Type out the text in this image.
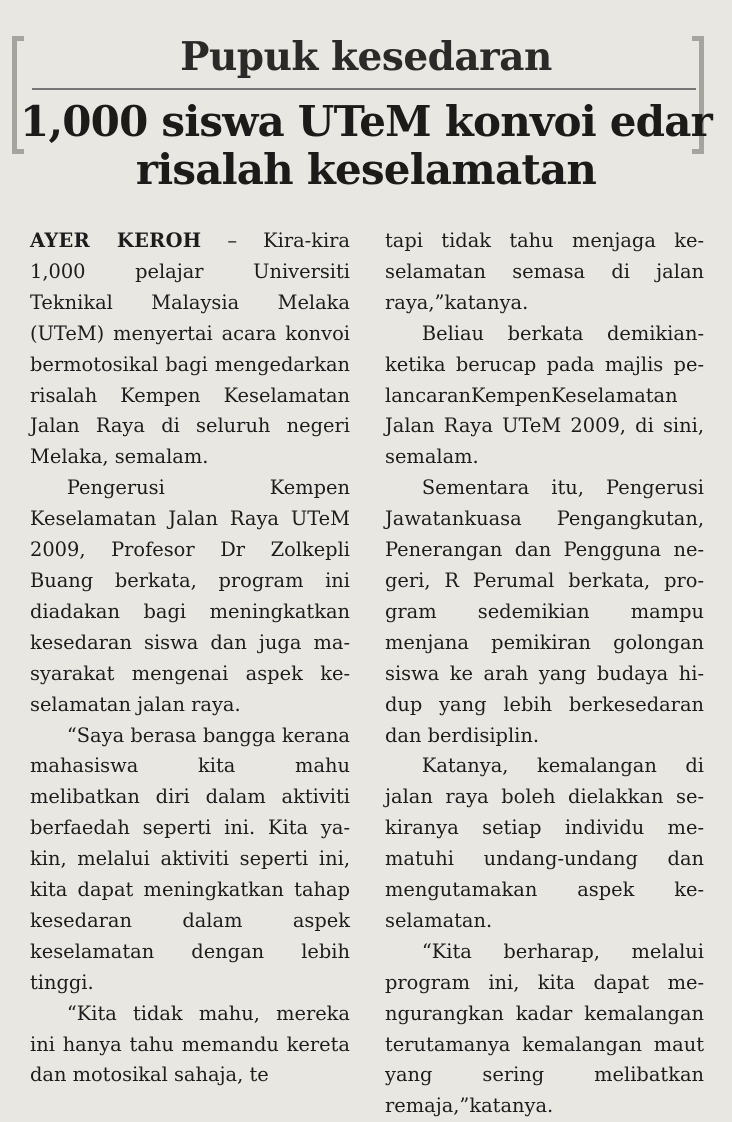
Pupuk kesedaran
1,000 siswa UTeM konvoi edar
risalah keselamatan

AYER KEROH – Kira-kira 1,000 pelajar Universiti Teknikal Malaysia Melaka (UTeM) menyertai acara konvoi bermotosikal bagi mengedarkan risalah Kempen Keselamatan Jalan Raya di seluruh negeri Melaka, semalam.

Pengerusi Kempen Keselamatan Jalan Raya UTeM 2009, Profesor Dr Zolkepli Buang berkata, program ini diadakan bagi meningkatkan kesedaran siswa dan juga masyarakat mengenai aspek keselamatan jalan raya.

“Saya berasa bangga kerana mahasiswa kita mahu melibatkan diri dalam aktiviti berfaedah seperti ini. Kita yakin, melalui aktiviti seperti ini, kita dapat meningkatkan tahap kesedaran dalam aspek keselamatan dengan lebih tinggi.

“Kita tidak mahu, mereka ini hanya tahu memandu kereta dan motosikal sahaja, te

tapi tidak tahu menjaga keselamatan semasa di jalan raya,”katanya.

Beliau berkata demikianketika berucap pada majlis pelancaranKempenKeselamatan Jalan Raya UTeM 2009, di sini, semalam.

Sementara itu, Pengerusi Jawatankuasa Pengangkutan, Penerangan dan Pengguna negeri, R Perumal berkata, program sedemikian mampu menjana pemikiran golongan siswa ke arah yang budaya hidup yang lebih berkesedaran dan berdisiplin.

Katanya, kemalangan di jalan raya boleh dielakkan sekiranya setiap individu mematuhi undang-undang dan mengutamakan aspek keselamatan.

“Kita berharap, melalui program ini, kita dapat mengurangkan kadar kemalangan terutamanya kemalangan maut yang sering melibatkan remaja,”katanya.
